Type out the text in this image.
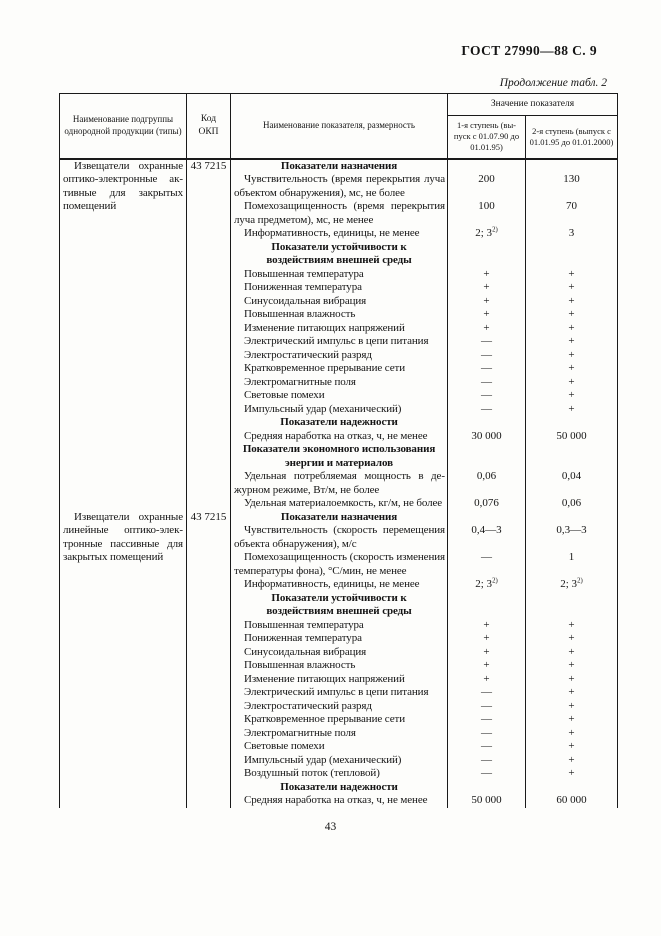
ГОСТ 27990—88 С. 9
Продолжение табл. 2
Наименование подгруппы однородной продукции (типы)	Код ОКП	Наименование показателя, размерность	Значение показателя	
			1-я ступень (выпуск с 01.07.90 до 01.01.95)	2-я ступень (выпуск с 01.01.95 до 01.01.2000)
Извещатели охранные оптико-электронные активные для закрытых помещений	43 7215	Показатели назначения		
		Чувствительность (время перекрытия луча объектом обнаружения), мс, не более	200	130
		Помехозащищенность (время перекрытия луча предметом), мс, не менее	100	70
		Информативность, единицы, не менее	2; 3$^{2)}$	3
		Показатели устойчивости к воздействиям внешней среды		
		Повышенная температура	+	+
		Пониженная температура	+	+
		Синусоидальная вибрация	+	+
		Повышенная влажность	+	+
		Изменение питающих напряжений	+	+
		Электрический импульс в цепи питания	—	+
		Электростатический разряд	—	+
		Кратковременное прерывание сети	—	+
		Электромагнитные поля	—	+
		Световые помехи	—	+
		Импульсный удар (механический)	—	+
		Показатели надежности		
		Средняя наработка на отказ, ч, не менее	30 000	50 000
		Показатели экономного использования энергии и материалов		
		Удельная потребляемая мощность в дежурном режиме, Вт/м, не более	0,06	0,04
		Удельная материалоемкость, кг/м, не более	0,076	0,06
Извещатели охранные линейные оптико-электронные пассивные для закрытых помещений	43 7215	Показатели назначения		
		Чувствительность (скорость перемещения объекта обнаружения), м/с	0,4—3	0,3—3
		Помехозащищенность (скорость изменения температуры фона), °С/мин, не менее	—	1
		Информативность, единицы, не менее	2; 3$^{2)}$	2; 3$^{2)}$
		Показатели устойчивости к воздействиям внешней среды		
		Повышенная температура	+	+
		Пониженная температура	+	+
		Синусоидальная вибрация	+	+
		Повышенная влажность	+	+
		Изменение питающих напряжений	+	+
		Электрический импульс в цепи питания	—	+
		Электростатический разряд	—	+
		Кратковременное прерывание сети	—	+
		Электромагнитные поля	—	+
		Световые помехи	—	+
		Импульсный удар (механический)	—	+
		Воздушный поток (тепловой)	—	+
		Показатели надежности		
		Средняя наработка на отказ, ч, не менее	50 000	60 000
43
